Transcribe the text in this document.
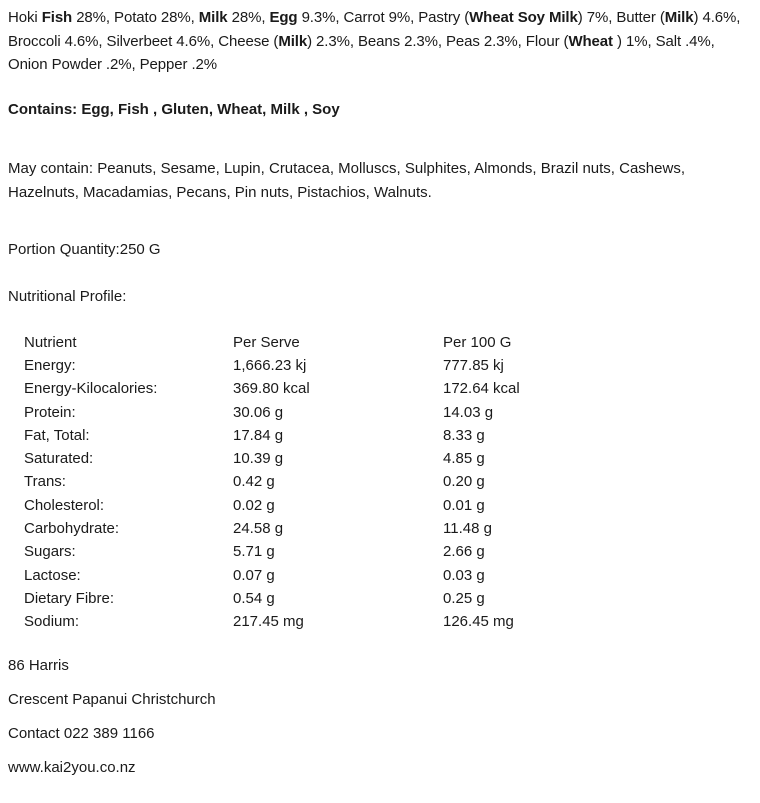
Hoki Fish 28%, Potato 28%, Milk 28%, Egg 9.3%, Carrot 9%, Pastry (Wheat Soy Milk) 7%, Butter (Milk) 4.6%, Broccoli 4.6%, Silverbeet 4.6%, Cheese (Milk) 2.3%, Beans 2.3%, Peas 2.3%, Flour (Wheat ) 1%, Salt .4%, Onion Powder .2%, Pepper .2%

Contains: Egg, Fish , Gluten, Wheat, Milk , Soy

May contain: Peanuts, Sesame, Lupin, Crutacea, Molluscs, Sulphites, Almonds, Brazil nuts, Cashews, Hazelnuts, Macadamias, Pecans, Pin nuts, Pistachios, Walnuts.

Portion Quantity:250 G

Nutritional Profile:

Nutrient	Per Serve	Per 100 G
Energy:	1,666.23 kj	777.85 kj
Energy-Kilocalories:	369.80 kcal	172.64 kcal
Protein:	30.06 g	14.03 g
Fat, Total:	17.84 g	8.33 g
Saturated:	10.39 g	4.85 g
Trans:	0.42 g	0.20 g
Cholesterol:	0.02 g	0.01 g
Carbohydrate:	24.58 g	11.48 g
Sugars:	5.71 g	2.66 g
Lactose:	0.07 g	0.03 g
Dietary Fibre:	0.54 g	0.25 g
Sodium:	217.45 mg	126.45 mg

86 Harris

Crescent Papanui Christchurch

Contact 022 389 1166

www.kai2you.co.nz
